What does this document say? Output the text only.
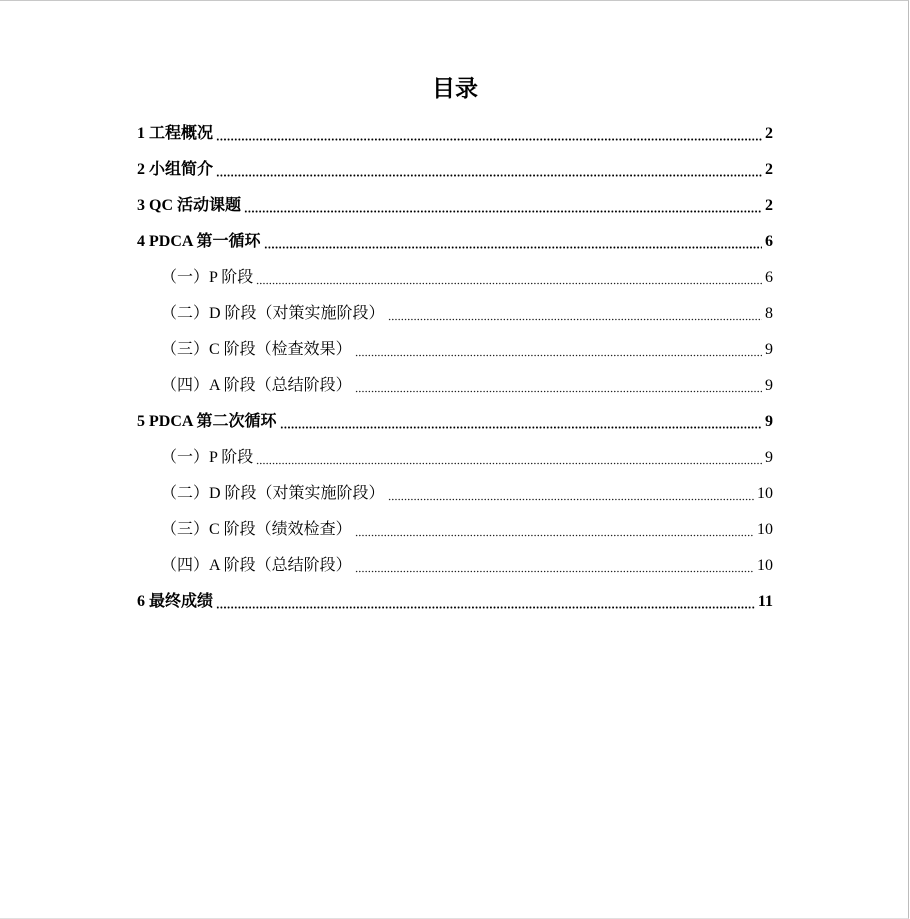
目录
1 工程概况	2
2 小组简介	2
3 QC 活动课题	2
4 PDCA 第一循环	6
（一）P 阶段	6
（二）D 阶段（对策实施阶段）	8
（三）C 阶段（检查效果）	9
（四）A 阶段（总结阶段）	9
5 PDCA 第二次循环	9
（一）P 阶段	9
（二）D 阶段（对策实施阶段）	10
（三）C 阶段（绩效检查）	10
（四）A 阶段（总结阶段）	10
6 最终成绩	11
